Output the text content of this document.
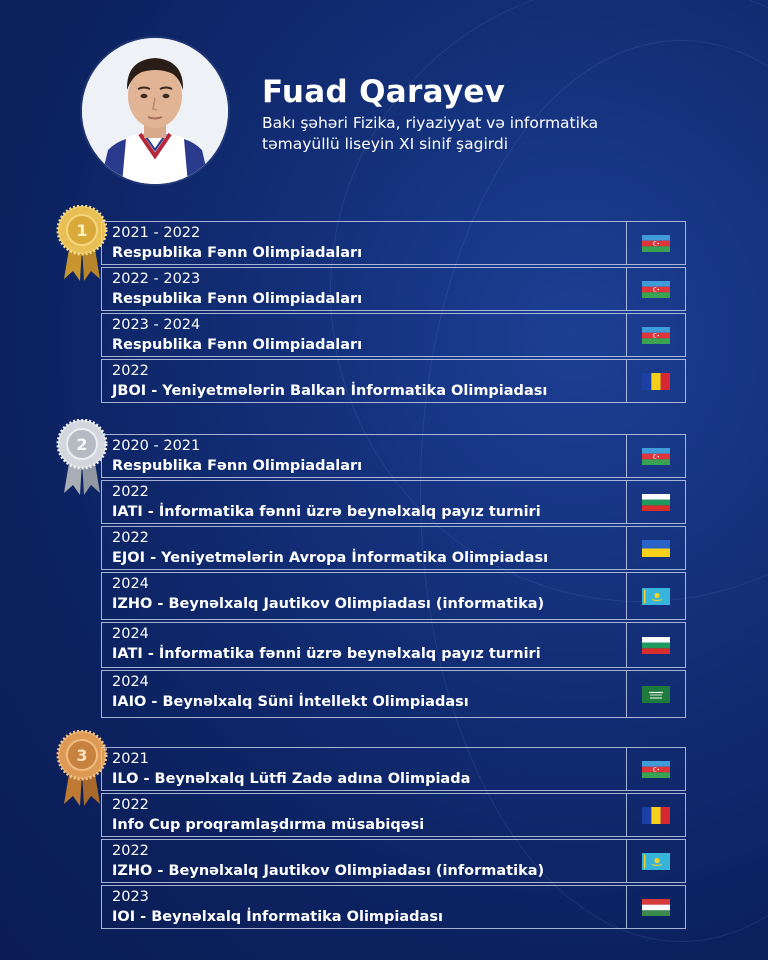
Fuad Qarayev
Bakı şəhəri Fizika, riyaziyyat və informatika
təmayüllü liseyin XI sinif şagirdi
1
2
3
2021 - 2022
Respublika Fənn Olimpiadaları
2022 - 2023
Respublika Fənn Olimpiadaları
2023 - 2024
Respublika Fənn Olimpiadaları
2022
JBOI - Yeniyetmələrin Balkan İnformatika Olimpiadası
2020 - 2021
Respublika Fənn Olimpiadaları
2022
IATI - İnformatika fənni üzrə beynəlxalq payız turniri
2022
EJOI - Yeniyetmələrin Avropa İnformatika Olimpiadası
2024
IZHO - Beynəlxalq Jautikov Olimpiadası (informatika)
2024
IATI - İnformatika fənni üzrə beynəlxalq payız turniri
2024
IAIO - Beynəlxalq Süni İntellekt Olimpiadası
2021
ILO - Beynəlxalq Lütfi Zadə adına Olimpiada
2022
Info Cup proqramlaşdırma müsabiqəsi
2022
IZHO - Beynəlxalq Jautikov Olimpiadası (informatika)
2023
IOI - Beynəlxalq İnformatika Olimpiadası
